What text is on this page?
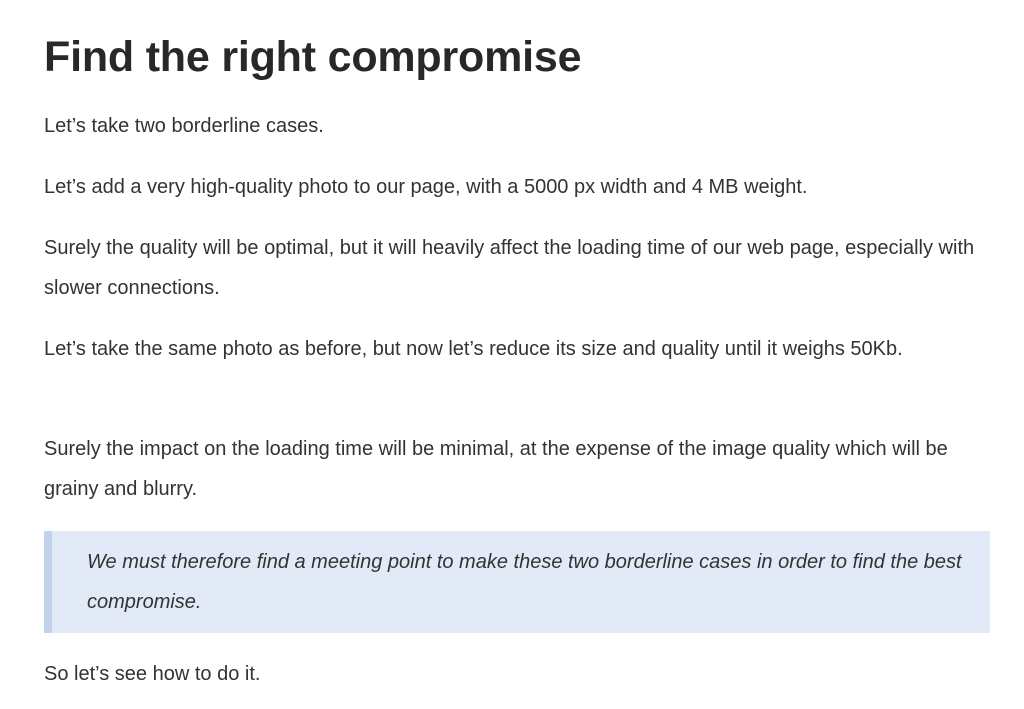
Find the right compromise

Let’s take two borderline cases.

Let’s add a very high-quality photo to our page, with a 5000 px width and 4 MB weight.

Surely the quality will be optimal, but it will heavily affect the loading time of our web page, especially with slower connections.

Let’s take the same photo as before, but now let’s reduce its size and quality until it weighs 50Kb.

Surely the impact on the loading time will be minimal, at the expense of the image quality which will be grainy and blurry.

We must therefore find a meeting point to make these two borderline cases in order to find the best compromise.

So let’s see how to do it.
